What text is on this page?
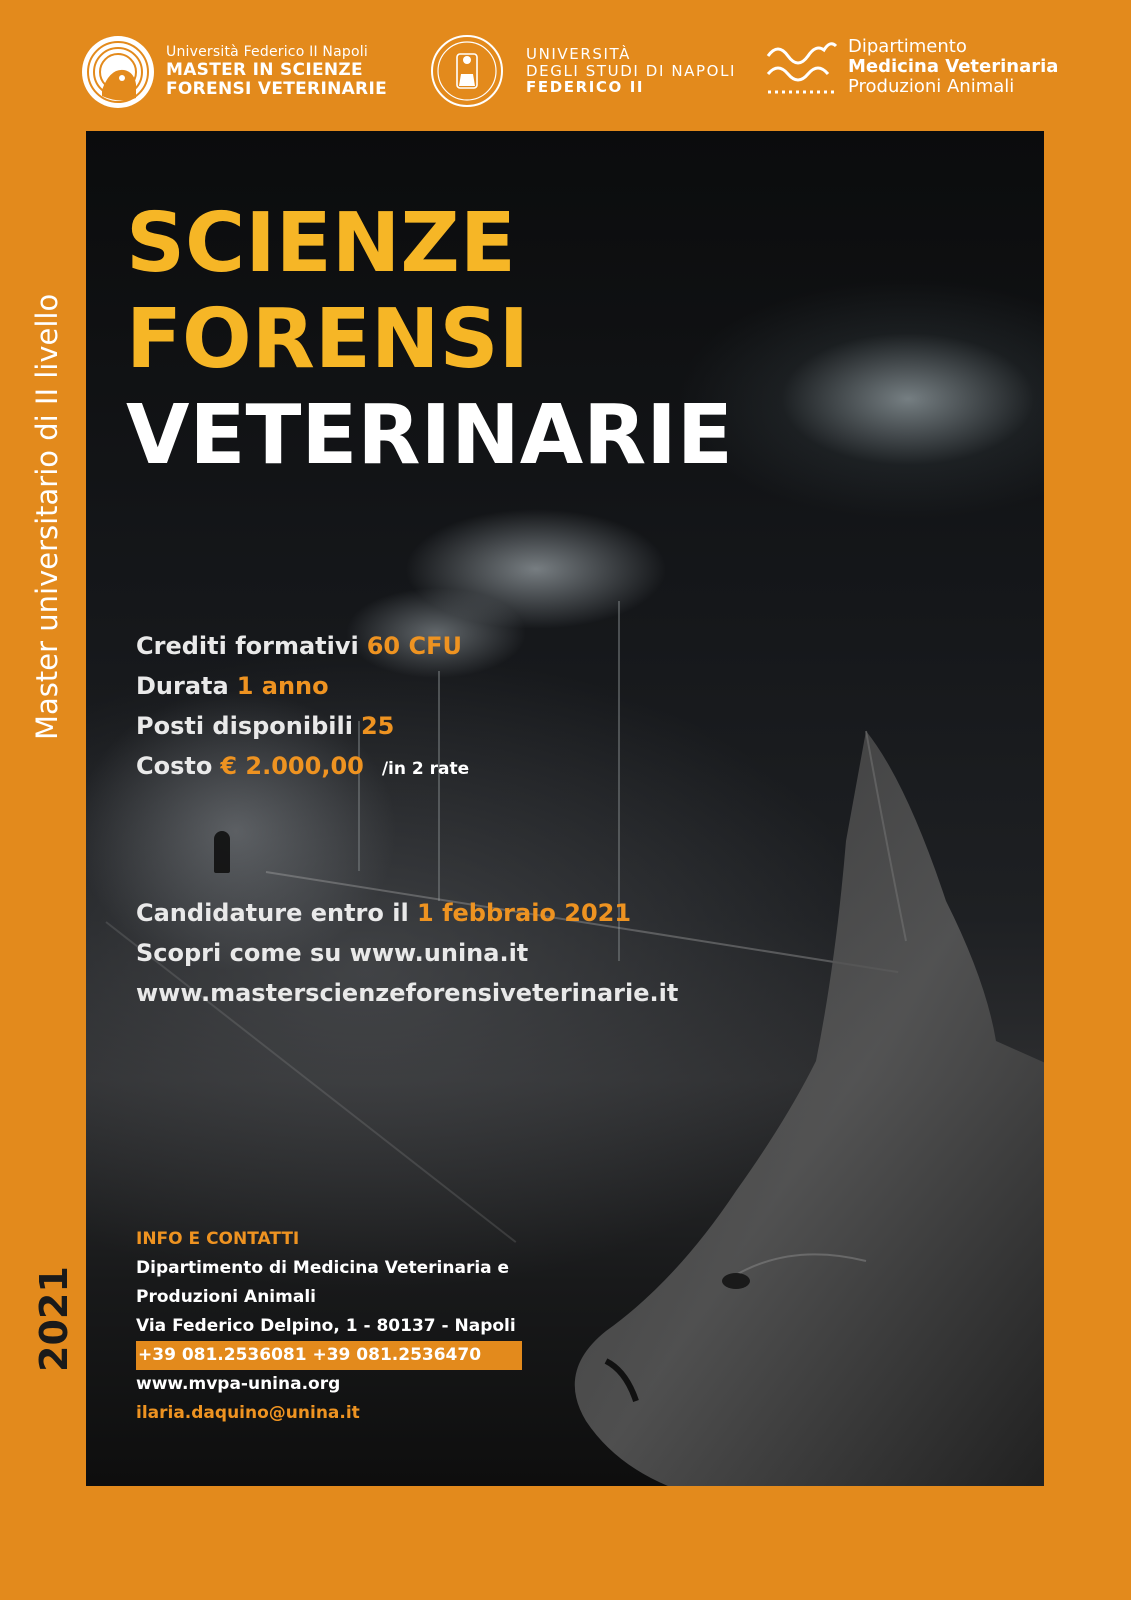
Università Federico II Napoli
MASTER IN SCIENZE
FORENSI VETERINARIE
UNIVERSITÀ
DEGLI STUDI DI NAPOLI
FEDERICO II
Dipartimento
Medicina Veterinaria
Produzioni Animali
Master universitario di II livello
2021
SCIENZE
FORENSI
VETERINARIE
Crediti formativi 60 CFU
Durata 1 anno
Posti disponibili 25
Costo € 2.000,00 /in 2 rate
Candidature entro il 1 febbraio 2021
Scopri come su www.unina.it
www.masterscienzeforensiveterinarie.it
INFO E CONTATTI
Dipartimento di Medicina Veterinaria e
Produzioni Animali
Via Federico Delpino, 1 - 80137 - Napoli
+39 081.2536081 +39 081.2536470
www.mvpa-unina.org
ilaria.daquino@unina.it
